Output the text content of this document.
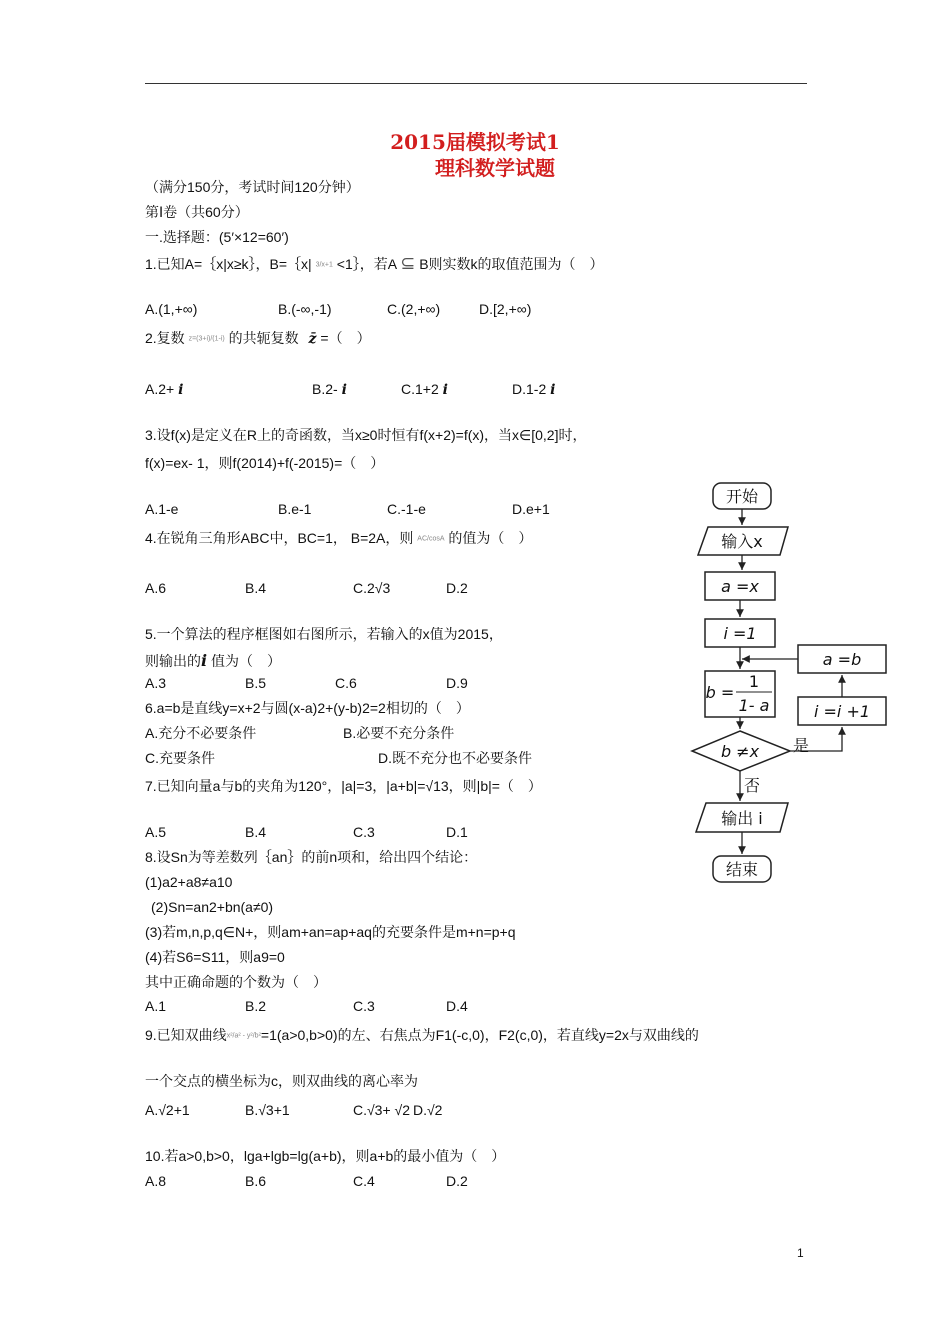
2015届模拟考试1
理科数学试题
（满分150分，考试时间120分钟）
第Ⅰ卷（共60分）
一.选择题：(5′×12=60′)
1.已知A=｛x|x≥k｝，B=｛x| 3/x+1 <1｝，若A ⊆ B则实数k的取值范围为（　）
A.(1,+∞)	B.(-∞,-1)	C.(2,+∞)	D.[2,+∞)
2.复数 z=(3+i)/(1-i) 的共轭复数 z̄ =（　）
A.2+ i	B.2- i	C.1+2 i	D.1-2 i
3.设f(x)是定义在R上的奇函数，当x≥0时恒有f(x+2)=f(x)，当x∈[0,2]时，
f(x)=ex- 1，则f(2014)+f(-2015)=（　）
A.1-e	B.e-1	C.-1-e	D.e+1
4.在锐角三角形ABC中，BC=1， B=2A，则 AC/cosA 的值为（　）
A.6	B.4	C.2√3	D.2
5.一个算法的程序框图如右图所示，若输入的x值为2015，
则输出的i 值为（　）
A.3	B.5	C.6	D.9
6.a=b是直线y=x+2与圆(x-a)2+(y-b)2=2相切的（　）
A.充分不必要条件	B.必要不充分条件
C.充要条件	D.既不充分也不必要条件
7.已知向量a与b的夹角为120°，|a|=3，|a+b|=√13，则|b|=（　）
A.5	B.4	C.3	D.1
8.设Sn为等差数列｛an｝的前n项和，给出四个结论：
(1)a2+a8≠a10
(2)Sn=an2+bn(a≠0)
(3)若m,n,p,q∈N+，则am+an=ap+aq的充要条件是m+n=p+q
(4)若S6=S11，则a9=0
其中正确命题的个数为（　）
A.1	B.2	C.3	D.4
9.已知双曲线x²/a² - y²/b²=1(a>0,b>0)的左、右焦点为F1(-c,0)，F2(c,0)，若直线y=2x与双曲线的
一个交点的横坐标为c，则双曲线的离心率为
A.√2+1	B.√3+1	C.√3+ √2 D.√2
10.若a>0,b>0，lga+lgb=lg(a+b)，则a+b的最小值为（　）
A.8	B.6	C.4	D.2
开始
输入x
a =x
i =1
b =
1
1- a
b ≠x 是
否
输出 i
结束
a =b
i =i +1
1
